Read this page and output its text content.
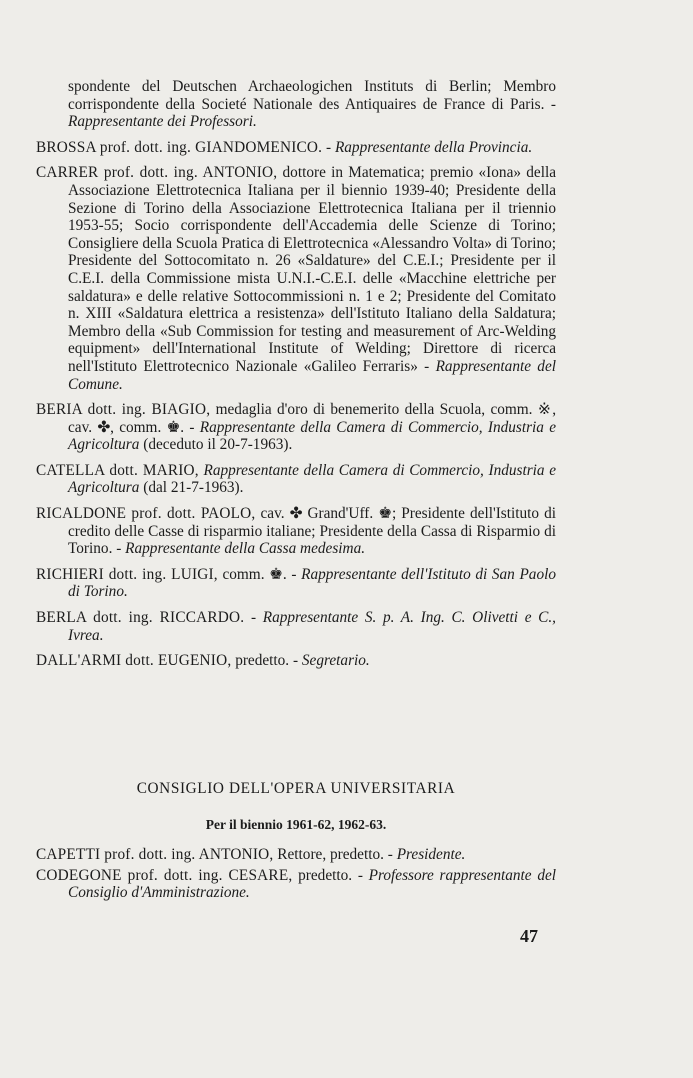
spondente del Deutschen Archaeologichen Instituts di Berlin; Membro corrispondente della Societé Nationale des Antiquaires de France di Paris. - Rappresentante dei Professori.

BROSSA prof. dott. ing. GIANDOMENICO. - Rappresentante della Provincia.

CARRER prof. dott. ing. ANTONIO, dottore in Matematica; premio «Iona» della Associazione Elettrotecnica Italiana per il biennio 1939-40; Presidente della Sezione di Torino della Associazione Elettrotecnica Italiana per il triennio 1953-55; Socio corrispondente dell'Accademia delle Scienze di Torino; Consigliere della Scuola Pratica di Elettrotecnica «Alessandro Volta» di Torino; Presidente del Sottocomitato n. 26 «Saldature» del C.E.I.; Presidente per il C.E.I. della Commissione mista U.N.I.-C.E.I. delle «Macchine elettriche per saldatura» e delle relative Sottocommissioni n. 1 e 2; Presidente del Comitato n. XIII «Saldatura elettrica a resistenza» dell'Istituto Italiano della Saldatura; Membro della «Sub Commission for testing and measurement of Arc-Welding equipment» dell'International Institute of Welding; Direttore di ricerca nell'Istituto Elettrotecnico Nazionale «Galileo Ferraris» - Rappresentante del Comune.

BERIA dott. ing. BIAGIO, medaglia d'oro di benemerito della Scuola, comm. ※, cav. ✤, comm. ♚. - Rappresentante della Camera di Commercio, Industria e Agricoltura (deceduto il 20-7-1963).

CATELLA dott. MARIO, Rappresentante della Camera di Commercio, Industria e Agricoltura (dal 21-7-1963).

RICALDONE prof. dott. PAOLO, cav. ✤ Grand'Uff. ♚; Presidente dell'Istituto di credito delle Casse di risparmio italiane; Presidente della Cassa di Risparmio di Torino. - Rappresentante della Cassa medesima.

RICHIERI dott. ing. LUIGI, comm. ♚. - Rappresentante dell'Istituto di San Paolo di Torino.

BERLA dott. ing. RICCARDO. - Rappresentante S. p. A. Ing. C. Olivetti e C., Ivrea.

DALL'ARMI dott. EUGENIO, predetto. - Segretario.

CONSIGLIO DELL'OPERA UNIVERSITARIA
Per il biennio 1961-62, 1962-63.

CAPETTI prof. dott. ing. ANTONIO, Rettore, predetto. - Presidente.

CODEGONE prof. dott. ing. CESARE, predetto. - Professore rappresentante del Consiglio d'Amministrazione.

47
